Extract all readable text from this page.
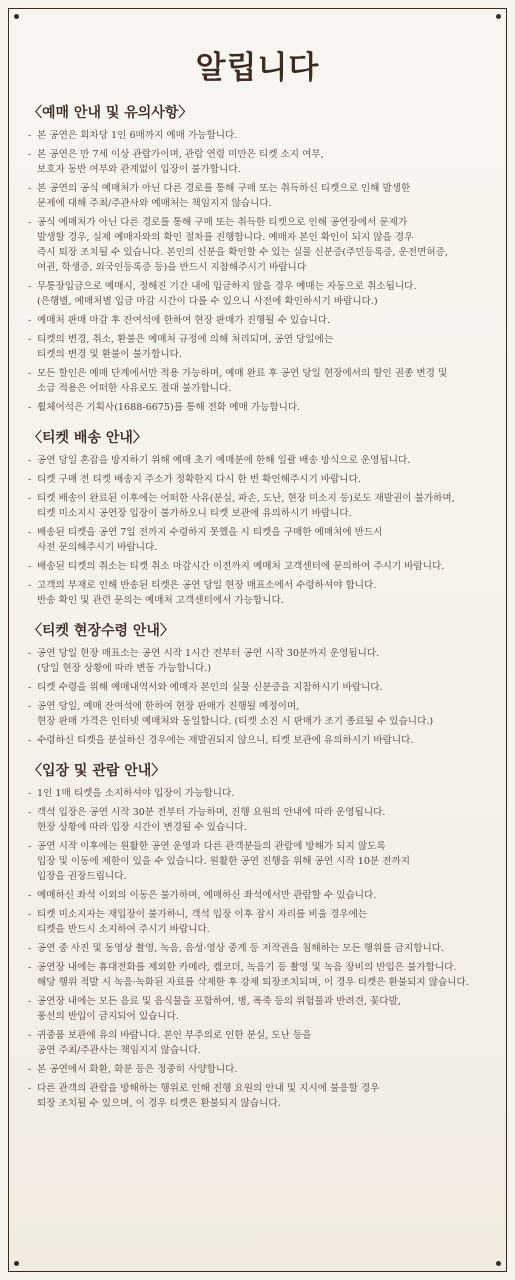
알립니다
〈예매 안내 및 유의사항〉
- 본 공연은 회차당 1인 6매까지 예매 가능합니다.
- 본 공연은 만 7세 이상 관람가이며, 관람 연령 미만은 티켓 소지 여부,
보호자 동반 여부와 관계없이 입장이 불가합니다.
- 본 공연의 공식 예매처가 아닌 다른 경로를 통해 구매 또는 취득하신 티켓으로 인해 발생한
문제에 대해 주최/주관사와 예매처는 책임지지 않습니다.
- 공식 예매처가 아닌 다른 경로를 통해 구매 또는 취득한 티켓으로 인해 공연장에서 문제가
발생할 경우, 실제 예매자와의 확인 절차를 진행합니다. 예매자 본인 확인이 되지 않을 경우
즉시 퇴장 조치될 수 있습니다. 본인의 신분을 확인할 수 있는 실물 신분증(주민등록증, 운전면허증,
여권, 학생증, 외국인등록증 등)을 반드시 지참해주시기 바랍니다
- 무통장입금으로 예매시, 정해진 기간 내에 입금하지 않을 경우 예매는 자동으로 취소됩니다.
(은행별, 예매처별 입금 마감 시간이 다를 수 있으니 사전에 확인하시기 바랍니다.)
- 예매처 판매 마감 후 잔여석에 한하여 현장 판매가 진행될 수 있습니다.
- 티켓의 변경, 취소, 환불은 예매처 규정에 의해 처리되며, 공연 당일에는
티켓의 변경 및 환불이 불가합니다.
- 모든 할인은 예매 단계에서만 적용 가능하며, 예매 완료 후 공연 당일 현장에서의 할인 권종 변경 및
소급 적용은 어떠한 사유로도 절대 불가합니다.
- 휠체어석은 기획사(1688-6675)를 통해 전화 예매 가능합니다.
〈티켓 배송 안내〉
- 공연 당일 혼잡을 방지하기 위해 예매 초기 예매분에 한해 일괄 배송 방식으로 운영됩니다.
- 티켓 구매 전 티켓 배송지 주소가 정확한지 다시 한 번 확인해주시기 바랍니다.
- 티켓 배송이 완료된 이후에는 어떠한 사유(분실, 파손, 도난, 현장 미소지 등)로도 재발권이 불가하며,
티켓 미소지시 공연장 입장이 불가하오니 티켓 보관에 유의하시기 바랍니다.
- 배송된 티켓을 공연 7일 전까지 수령하지 못했을 시 티켓을 구매한 예매처에 반드시
사전 문의해주시기 바랍니다.
- 배송된 티켓의 취소는 티켓 취소 마감시간 이전까지 예매처 고객센터에 문의하여 주시기 바랍니다.
- 고객의 부재로 인해 반송된 티켓은 공연 당일 현장 매표소에서 수령하셔야 합니다.
반송 확인 및 관련 문의는 예매처 고객센터에서 가능합니다.
〈티켓 현장수령 안내〉
- 공연 당일 현장 매표소는 공연 시작 1시간 전부터 공연 시작 30분까지 운영됩니다.
(당일 현장 상황에 따라 변동 가능합니다.)
- 티켓 수령을 위해 예매내역서와 예매자 본인의 실물 신분증을 지참하시기 바랍니다.
- 공연 당일, 예매 잔여석에 한하여 현장 판매가 진행될 예정이며,
현장 판매 가격은 인터넷 예매처와 동일합니다. (티켓 소진 시 판매가 조기 종료될 수 있습니다.)
- 수령하신 티켓을 분실하신 경우에는 재발권되지 않으니, 티켓 보관에 유의하시기 바랍니다.
〈입장 및 관람 안내〉
- 1인 1매 티켓을 소지하셔야 입장이 가능합니다.
- 객석 입장은 공연 시작 30분 전부터 가능하며, 진행 요원의 안내에 따라 운영됩니다.
현장 상황에 따라 입장 시간이 변경될 수 있습니다.
- 공연 시작 이후에는 원활한 공연 운영과 다른 관객분들의 관람에 방해가 되지 않도록
입장 및 이동에 제한이 있을 수 있습니다. 원활한 공연 진행을 위해 공연 시작 10분 전까지
입장을 권장드립니다.
- 예매하신 좌석 이외의 이동은 불가하며, 예매하신 좌석에서만 관람할 수 있습니다.
- 티켓 미소지자는 재입장이 불가하니, 객석 입장 이후 잠시 자리를 비울 경우에는
티켓을 반드시 소지하여 주시기 바랍니다.
- 공연 중 사진 및 동영상 촬영, 녹음, 음성·영상 중계 등 저작권을 침해하는 모든 행위를 금지합니다.
- 공연장 내에는 휴대전화를 제외한 카메라, 캠코더, 녹음기 등 촬영 및 녹음 장비의 반입은 불가합니다.
해당 행위 적발 시 녹음·녹화된 자료를 삭제한 후 강제 퇴장조치되며, 이 경우 티켓은 환불되지 않습니다.
- 공연장 내에는 모든 음료 및 음식물을 포함하여, 병, 폭죽 등의 위험물과 반려견, 꽃다발,
풍선의 반입이 금지되어 있습니다.
- 귀중품 보관에 유의 바랍니다. 본인 부주의로 인한 분실, 도난 등을
공연 주최/주관사는 책임지지 않습니다.
- 본 공연에서 화환, 화분 등은 정중히 사양합니다.
- 다른 관객의 관람을 방해하는 행위로 인해 진행 요원의 안내 및 지시에 불응할 경우
퇴장 조치될 수 있으며, 이 경우 티켓은 환불되지 않습니다.
